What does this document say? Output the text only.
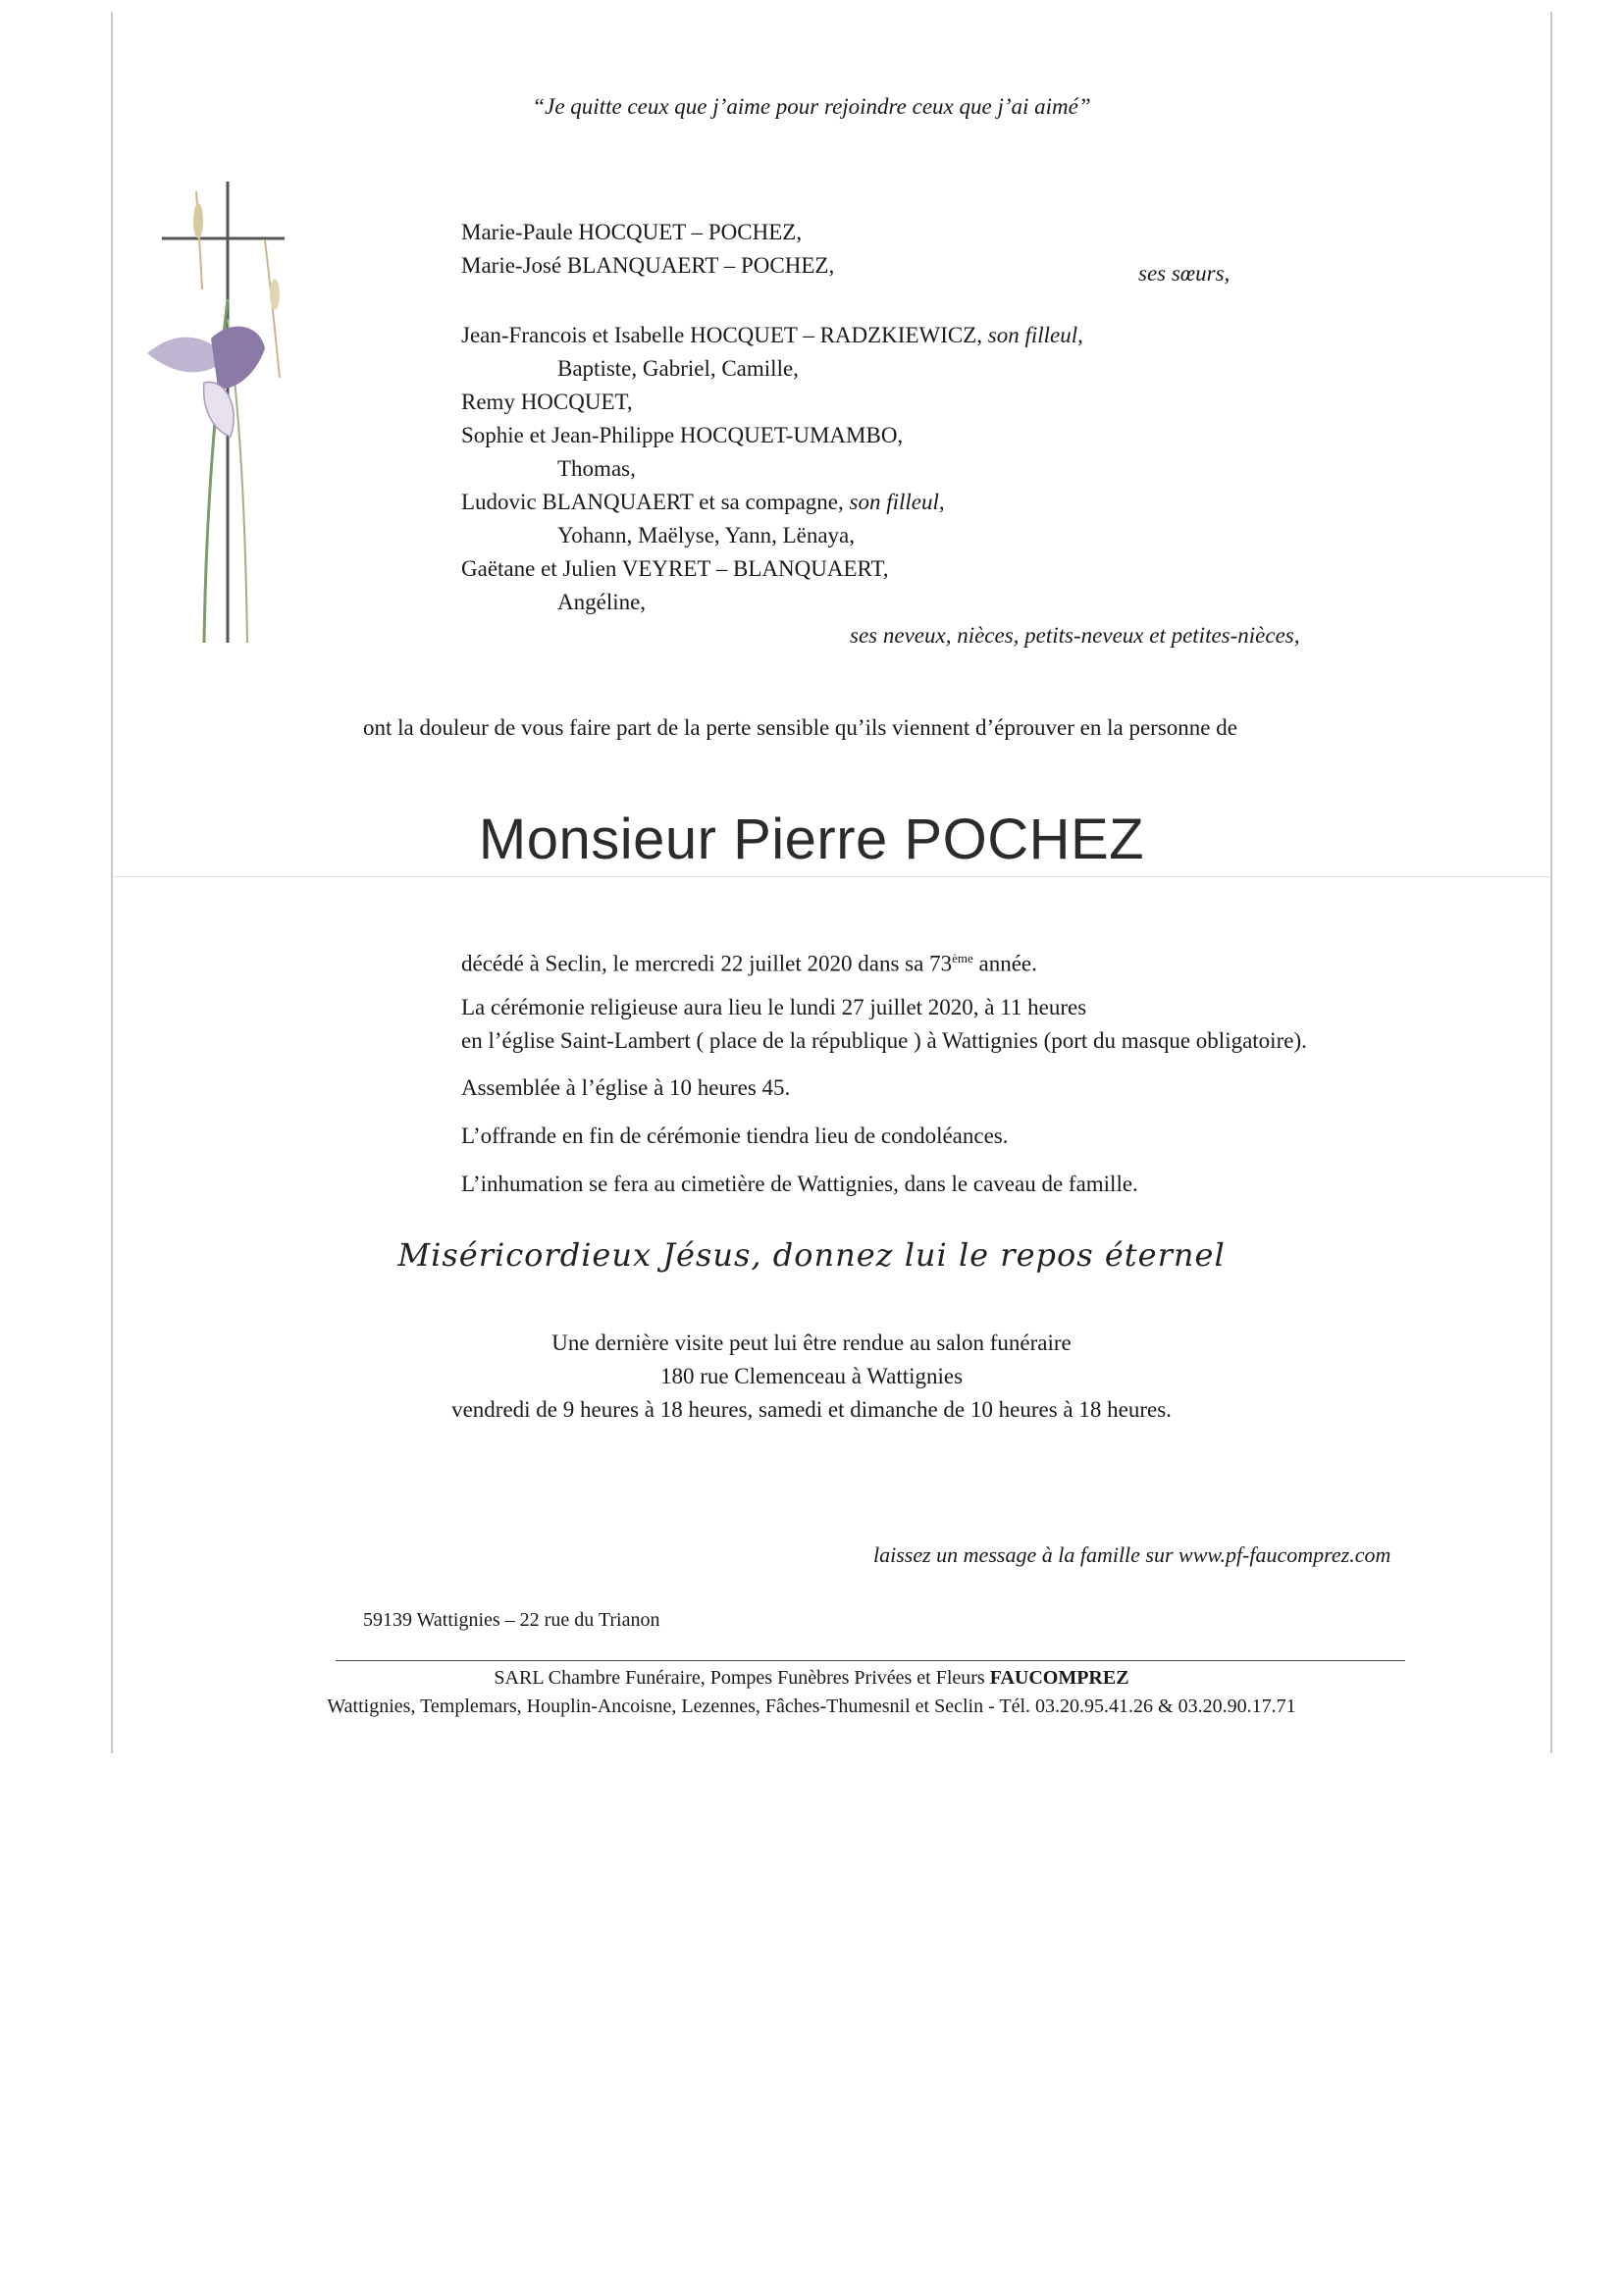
“Je quitte ceux que j’aime pour rejoindre ceux que j’ai aimé”
Marie-Paule HOCQUET – POCHEZ,
Marie-José BLANQUAERT – POCHEZ,	ses sœurs,
Jean-Francois et Isabelle HOCQUET – RADZKIEWICZ, son filleul,
Baptiste, Gabriel, Camille,
Remy HOCQUET,
Sophie et Jean-Philippe HOCQUET-UMAMBO,
Thomas,
Ludovic BLANQUAERT et sa compagne, son filleul,
Yohann, Maëlyse, Yann, Lënaya,
Gaëtane et Julien VEYRET – BLANQUAERT,
Angéline,
ses neveux, nièces, petits-neveux et petites-nièces,
ont la douleur de vous faire part de la perte sensible qu’ils viennent d’éprouver en la personne de
Monsieur Pierre POCHEZ
décédé à Seclin, le mercredi 22 juillet 2020 dans sa 73ème année.
La cérémonie religieuse aura lieu le lundi 27 juillet 2020, à 11 heures
en l’église Saint-Lambert ( place de la république ) à Wattignies (port du masque obligatoire).
Assemblée à l’église à 10 heures 45.
L’offrande en fin de cérémonie tiendra lieu de condoléances.
L’inhumation se fera au cimetière de Wattignies, dans le caveau de famille.
Miséricordieux Jésus, donnez lui le repos éternel
Une dernière visite peut lui être rendue au salon funéraire
180 rue Clemenceau à Wattignies
vendredi de 9 heures à 18 heures, samedi et dimanche de 10 heures à 18 heures.
laissez un message à la famille sur www.pf-faucomprez.com
59139 Wattignies – 22 rue du Trianon
SARL Chambre Funéraire, Pompes Funèbres Privées et Fleurs FAUCOMPREZ
Wattignies, Templemars, Houplin-Ancoisne, Lezennes, Fâches-Thumesnil et Seclin - Tél. 03.20.95.41.26 & 03.20.90.17.71
